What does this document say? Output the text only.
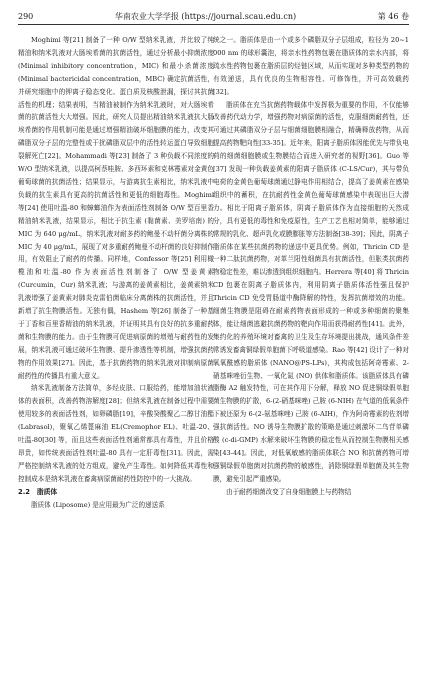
290	华南农业大学学报 (https://journal.scau.edu.cn)	第 46 卷

Moghimi 等[21] 制备了一种 O/W 型纳米乳液，并比较了纯精油和纳米乳液对大肠埃希菌的抗菌活性，通过分析最小抑菌浓度 (Minimal inhibitory concentration，MIC) 和最小杀菌浓度 (Minimal bactericidal concentration，MBC) 确定抗菌活性，并研究细胞中的钾离子稳态变化、蛋白质及核酸泄漏，探讨其抗菌活性的机理；结果表明，当精油被制作为纳米乳液时，对大肠埃希菌的抗菌活性大大增强。因此，研究人员提出精油纳米乳液抗大肠埃希菌的作用机制可能是通过增强精油破坏细胞膜的能力，改变其磷脂双分子层的完整性或干扰磷脂双层中的活性转运蛋白导致细胞裂解死亡[22]。Mohammadi 等[23] 制备了 3 种负载不同浓度的 W/O 型纳米乳液，以提高柯萘哇胺、多西环素和克林霉素对金黄色葡萄球菌的抗菌活性；结果显示，与游离抗生素相比，纳米乳液中负载的抗生素具有更高的抗菌活性和更低的细胞毒性。Moghimi 等[24] 使用吐温-80 和蟑螂油作为表面活性剂制备 O/W 型百里香精油纳米乳液，结果显示，相比于抗生素 (黏菌素、美罗培南) 的 MIC 为 640 μg/mL，纳米乳液对耐多药的鲍曼不动杆菌分离株的 MIC 为 40 μg/mL，展现了对多重耐药鲍曼不动杆菌的良好抑制作用，有效阻止了耐药的传播。同样地，Confessor 等[25] 利用橄榄油和吐温-80 作为表面活性剂制备了 O/W 型姜黄素 (Curcumin，Cur) 纳米乳液；与游离的姜黄素相比，姜黄素纳米乳液增强了姜黄素对肺炎克雷伯菌临床分离菌株的抗菌活性，并且新增了抗生物膜活性。无独有偶，Hashem 等[26] 制备了一种基于丁香和百里香精油的纳米乳液，并证明其具有良好的抗多重耐药菌和生物膜的能力。由于生物膜可促进病原菌的增殖与耐药性的发展，纳米乳液可通过破坏生物膜、提升渗透性等机制，增强抗菌药物的作用效果[27]。因此，基于抗菌药物的纳米乳液对抑制病原菌耐药性的传播具有重大意义。

纳米乳液制备方法简单，多经皮肤、口服给药，能增加油状液体的表面积，改善药物溶解度[28]；但纳米乳液在制备过程中需要使用较多的表面活性剂，如卵磷脂[19]，辛酸癸酸聚乙二醇甘油酯 (Labrasol)，聚氧乙烯蓖麻油 EL(Cremophor EL)、吐温-20、吐温-80[30] 等，而且这些表面活性剂通常都具有毒性，并且价格昂贵，如传统表面活性剂吐温-80 具有一定肝毒性[31]。因此，需严格控制纳米乳液的处方组成，避免产生毒性。如何降低其毒性和控制成本是纳米乳液在畜禽病原菌耐药性防控中的一大挑战。

2.2　脂质体

脂质体 (Liposome) 是应用最为广泛的递送系

统之一。脂质体是由一个或多个磷脂双分子层组成，粒径为 20~1 000 nm 的球形囊泡，将亲水性药物包裹在脂质体的亲水内部，将疏水性药物包裹在脂质层的烃链区域，从而实现对多种类型药物的有效递送，具有优良的生物相容性、可修饰性，并可高效载药[32]。

脂质体在充当抗菌药物载体中发挥极为重要的作用，不仅能够改善药代动力学，增强药物对病原菌的活性，克服细菌耐药性，还可通过其磷脂双分子层与细菌细胞膜相融合，精确释放药物，从而提高药物靶向性[33-35]。近年来，阳离子脂质体因能优先与带负电荷的细菌细胞膜或生物膜结合而进入研究者的视野[36]。Guo 等[37] 发现一种负载姜黄素的阳离子脂质体 (C-LS/Cur)，其与带负电荷的金黄色葡萄球菌通过静电作用相结合，提高了姜黄素在感染组织中的蓄积，在抗耐药性金黄色葡萄球菌感染中表现出巨大潜力。相比于阳离子脂质体，阴离子脂质体作为直接细胞的天然成分，具有更低的毒性和免疫原性，生产工艺也相对简单，能够通过常规的乳化、超声乳化或膜膨胀等方法制备[38-39]；因此，阴离子脂质体在某些抗菌药物的递送中更具优势。例如，Thricin CD 是一种二肽抗菌药物，对革兰阳性细菌具有抗菌活性，但胀类抗菌药物稳定性差，难以渗透到组织细胞内。Herrera 等[40] 将 Thricin CD 包裹在阴离子脂质体内，利用阴离子脂质体活性强且保护 Thricin CD 免受胃肠道中酶降解的特性，发挥抗菌增效的功能。细菌生物膜是阻碍在耐素药物表面形成的一种或多种细菌的聚集体，能让细菌逃避抗菌药物的靶向作用而获得耐药性[41]。此外，集约化的养殖环境对畜禽的卫生及生存环境提出挑战，通风条件差常诱发畜禽铜绿假单胞菌下呼吸道感染。Rao 等[42] 设计了一种对氧氧酰感的脂质体 (NANO@PS-LPs)，其构成包括阿奇霉素、2-硝基咪唑衍生物、一氧化氮 (NO) 供体和脂质体。该脂质体具有磷脂酶 A2 触发特性，可在其作用下分解，释放 NO 促进铜绿假单胞菌生物膜的扩散，6-(2-硝基咪唑) 己胺 (6-NIH) 在气道的低氧条件下被还原为 6-(2-氨基咪唑) 己胺 (6-AIH)，作为阿奇霉素的佐剂增强抗菌活性。NO 诱导生物膜扩散的策略是通过刺激环二鸟苷单磷酸 (c-di-GMP) 水解来破坏生物膜的稳定性从而控制生物膜相关感染[43-44]。因此，对低氧敏感的脂质体联合 NO 和抗菌药物可增强铜绿假单胞菌对抗菌药物的敏感性，消除铜绿假单胞菌及其生物膜，避免引起严重感染。

由于耐药细菌改变了自身细胞膜上与药物结
